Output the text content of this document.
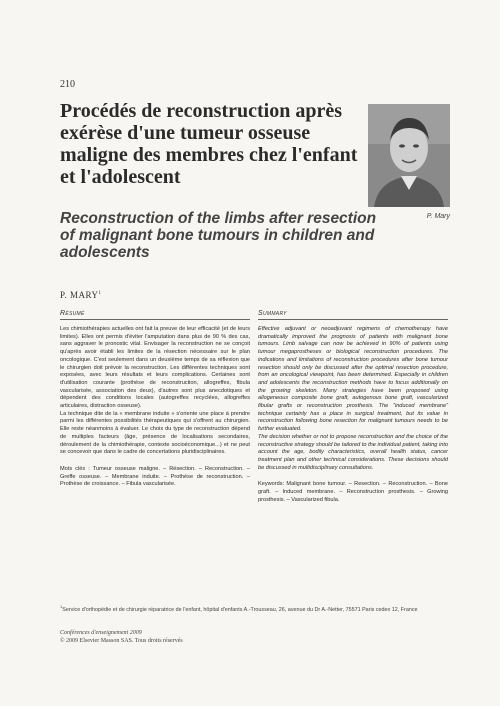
210
Procédés de reconstruction après exérèse d'une tumeur osseuse maligne des membres chez l'enfant et l'adolescent
Reconstruction of the limbs after resection of malignant bone tumours in children and adolescents
P. Mary
P. MARY$^1$
Résumé	Summary

Les chimiothérapies actuelles ont fait la preuve de leur efficacité (et de leurs limites). Elles ont permis d'éviter l'amputation dans plus de 90 % des cas, sans aggraver le pronostic vital. Envisager la reconstruction ne se conçoit qu'après avoir établi les limites de la résection nécessaire sur le plan oncologique. C'est seulement dans un deuxième temps de sa réflexion que le chirurgien doit prévoir la reconstruction. Les différentes techniques sont exposées, avec leurs résultats et leurs complications. Certaines sont d'utilisation courante (prothèse de reconstruction, allogreffes, fibula vascularisée, association des deux), d'autres sont plus anecdotiques et dépendent des conditions locales (autogreffes recyclées, allogreffes articulaires, distraction osseuse).

La technique dite de la « membrane induite » s'oriente une place à prendre parmi les différentes possibilités thérapeutiques qui s'offrent au chirurgien. Elle reste néanmoins à évaluer. Le choix du type de reconstruction dépend de multiples facteurs (âge, présence de localisations secondaires, déroulement de la chimiothérapie, contexte socioéconomique...) et ne peut se concevoir que dans le cadre de concertations pluridisciplinaires.

Mots clés : Tumeur osseuse maligne. – Résection. – Reconstruction. – Greffe osseuse. – Membrane induite. – Prothèse de reconstruction. – Prothèse de croissance. – Fibula vascularisée.

Effective adjuvant or neoadjuvant regimens of chemotherapy have dramatically improved the prognosis of patients with malignant bone tumours. Limb salvage can now be achieved in 90% of patients using tumour megaprostheses or biological reconstruction procedures. The indications and limitations of reconstruction procedures after bone tumour resection should only be discussed after the optimal resection procedure, from an oncological viewpoint, has been determined. Especially in children and adolescents the reconstruction methods have to focus additionally on the growing skeleton. Many strategies have been proposed using allogeneous composite bone graft, autogenous bone graft, vascularized fibular grafts or reconstruction prosthesis. The “induced membrane” technique certainly has a place in surgical treatment, but its value in reconstruction following bone resection for malignant tumours needs to be further evaluated.

The decision whether or not to propose reconstruction and the choice of the reconstructive strategy should be tailored to the individual patient, taking into account the age, bodily characteristics, overall health status, cancer treatment plan and other technical considerations. These decisions should be discussed in multidisciplinary consultations.

Keywords: Malignant bone tumour. – Resection. – Reconstruction. – Bone graft. – Induced membrane. – Reconstruction prosthesis. – Growing prosthesis. – Vascularized fibula.

$^1$Service d'orthopédie et de chirurgie réparatrice de l'enfant, hôpital d'enfants A.-Trousseau, 26, avenue du Dr A.-Netter, 75571 Paris cedex 12, France
Conférences d'enseignement 2009
© 2009 Elsevier Masson SAS. Tous droits réservés
